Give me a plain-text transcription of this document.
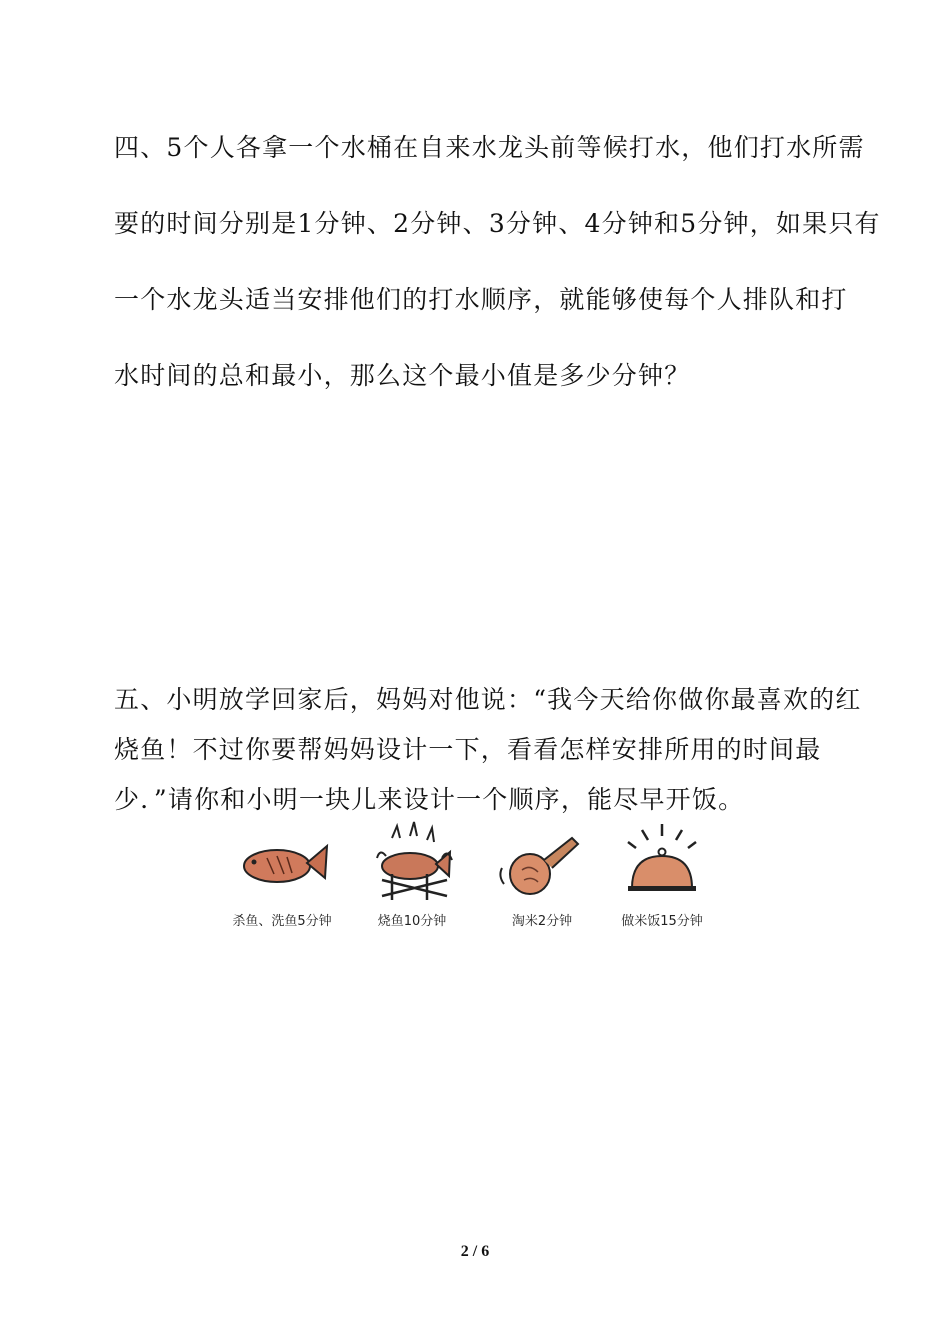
四、5个人各拿一个水桶在自来水龙头前等候打水，他们打水所需
要的时间分别是1分钟、2分钟、3分钟、4分钟和5分钟，如果只有
一个水龙头适当安排他们的打水顺序，就能够使每个人排队和打
水时间的总和最小，那么这个最小值是多少分钟？
五、小明放学回家后，妈妈对他说：“我今天给你做你最喜欢的红
烧鱼！不过你要帮妈妈设计一下，看看怎样安排所用的时间最
少．”请你和小明一块儿来设计一个顺序，能尽早开饭。
杀鱼、洗鱼5分钟	烧鱼10分钟	淘米2分钟	做米饭15分钟
2 / 6
